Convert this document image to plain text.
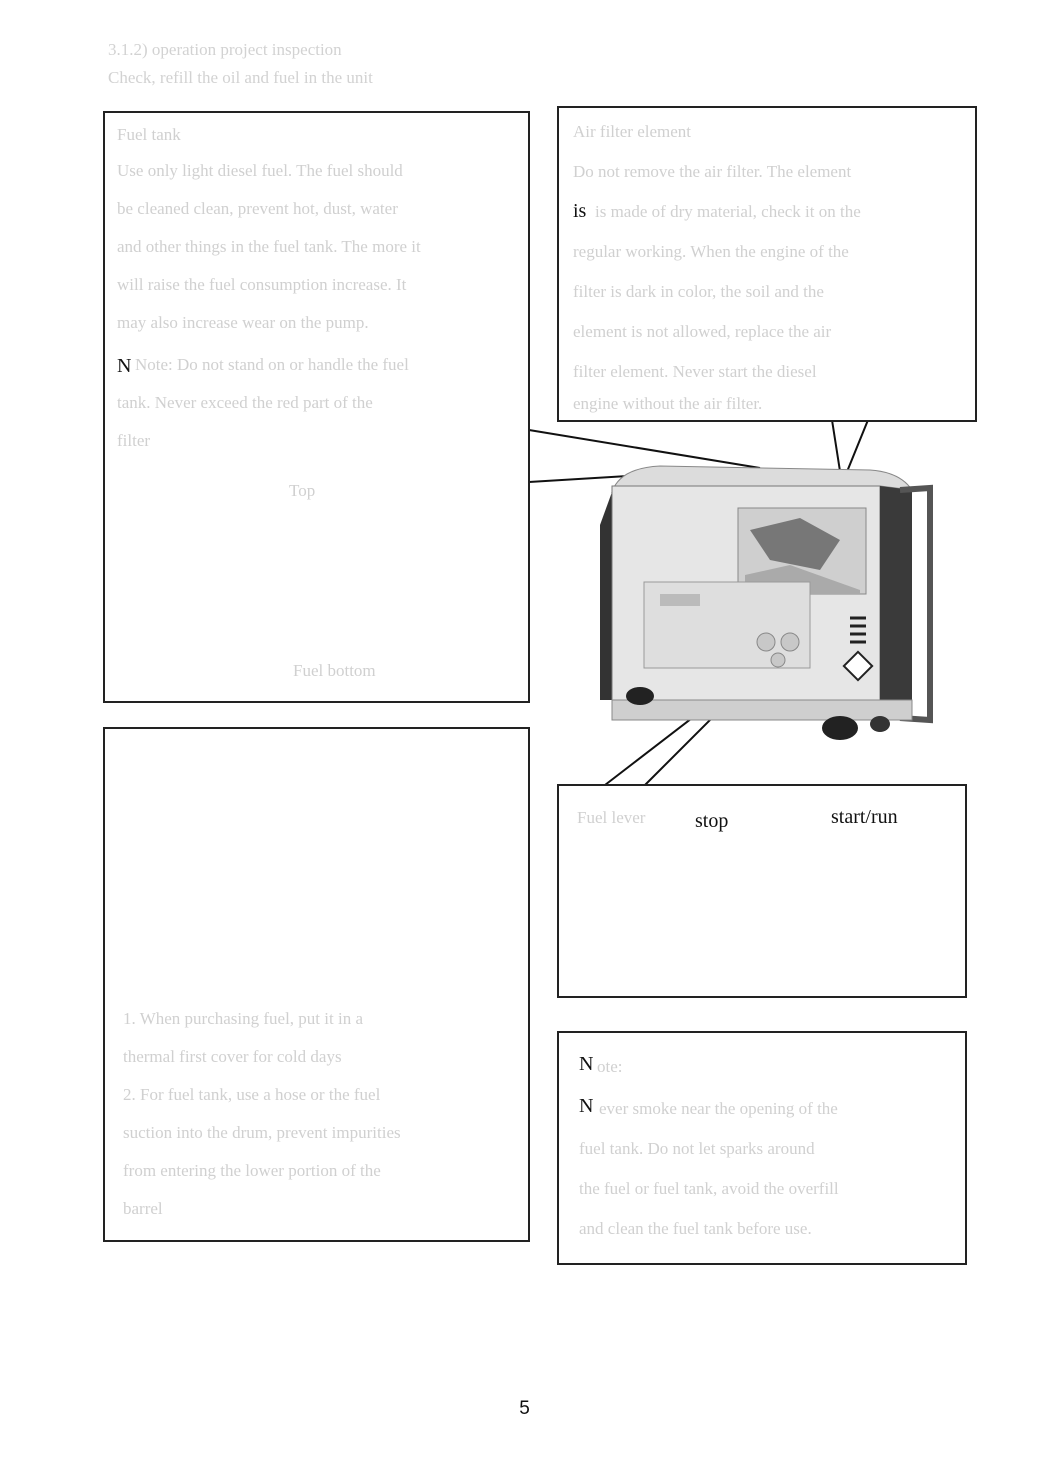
3.1.2) operation project inspection
Check, refill the oil and fuel in the unit
Fuel tank
Use only light diesel fuel. The fuel should
be cleaned clean, prevent hot, dust, water
and other things in the fuel tank. The more it
will raise the fuel consumption increase. It
may also increase wear on the pump.
N Note: Do not stand on or handle the fuel
tank. Never exceed the red part of the
filter
Top
Fuel bottom
Air filter element
Do not remove the air filter. The element
is is made of dry material, check it on the
regular working. When the engine of the
filter is dark in color, the soil and the
element is not allowed, replace the air
filter element. Never start the diesel
engine without the air filter.
1. When purchasing fuel, put it in a
thermal first cover for cold days
2. For fuel tank, use a hose or the fuel
suction into the drum, prevent impurities
from entering the lower portion of the
barrel
Fuel lever stop	start/run
N ote:
N ever smoke near the opening of the
fuel tank. Do not let sparks around
the fuel or fuel tank, avoid the overfill
and clean the fuel tank before use.
5
